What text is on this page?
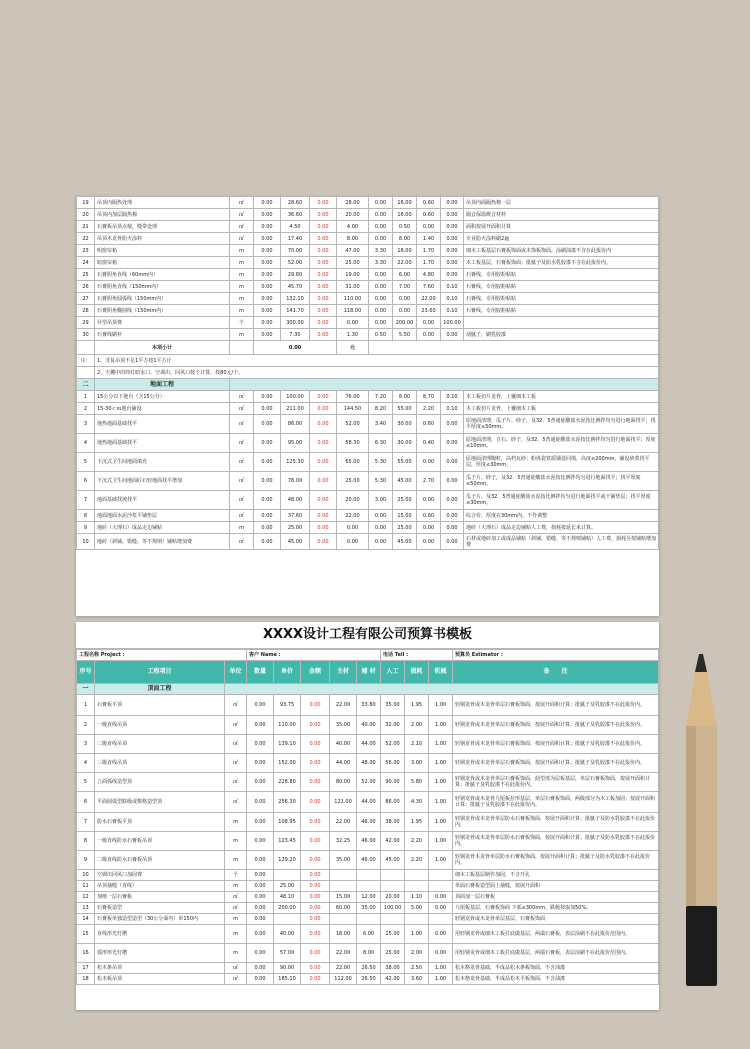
19	吊顶内隔热处理	㎡	0.00	28.60	0.00	28.00	0.00	16.00	0.60	0.00	吊顶内面隔热棉一层
20	吊顶内加层隔热棉	㎡	0.00	36.60	0.00	20.00	0.00	16.00	0.60	0.00	隔音保温吸音材料
21	石膏板吊顶点棱，缝带处理	㎡	0.00	4.50	0.00	4.00	0.00	0.50	0.00	0.00	面积按展开面积计算
22	吊顶木龙骨防火涂料	㎡	0.00	17.40	0.00	8.00	0.00	8.00	1.40	0.00	专业防火涂料刷2遍
23	明窗帘箱	m	0.00	70.00	0.00	47.00	3.30	18.00	1.70	0.00	细木工板基层石膏板饰面或木饰板饰面，涂刷油漆不含在此报价内
24	暗窗帘箱	m	0.00	52.00	0.00	25.00	3.30	22.00	1.70	0.00	木工板基层，石膏板饰面；批腻子及防水乳胶漆不含在此报价内。
25	石膏阴角直线（60mm内）	m	0.00	29.80	0.00	19.00	0.00	6.00	4.80	0.00	石膏线、专用胶粉粘贴
26	石膏阴角直线（150mm内）	m	0.00	45.70	0.00	31.00	0.00	7.00	7.60	0.10	石膏线、专用胶粉粘贴
27	石膏阴角圆弧线（150mm内）	m	0.00	132.10	0.00	110.00	0.00	0.00	22.00	0.10	石膏线、专用胶粉粘贴
28	石膏阴角椭圆线（150mm内）	m	0.00	141.70	0.00	118.00	0.00	0.00	23.60	0.10	石膏线、专用胶粉粘贴
29	异型吊顶费	个	0.00	300.00	0.00	0.00	0.00	200.00	0.00	100.00	
30	石膏线刷补	m	0.00	7.30	0.00	1.30	0.50	5.50	0.00	0.00	刮腻子，刷乳胶漆
	本项小计		0.00			元					
注：	1、非复吊顶不足1平方按1平方计										
	2、天棚中的筒灯暗室口、空调出、回风口按个计算，按80元/个。										
二	地面工程										
1	15公分以下地台（含15公分）	㎡	0.00	100.00	0.00	76.00	7.20	8.00	8.70	0.10	木工板切片龙骨，上覆细木工板
2	15-30ｃｍ地台铺设	㎡	0.00	211.00	0.00	144.50	8.20	55.00	2.20	0.10	木工板切片龙骨，上覆细木工板
3	地热地面基础找平	㎡	0.00	86.00	0.00	52.00	3.40	30.00	0.60	0.00	原地面清理，瓜子片、砂子，及32．5普通硅酸盐水泥按比例拌均匀进行地面找平；找平厚度≤50mm。
4	地热地面基础找平	㎡	0.00	95.00	0.00	58.30	6.30	30.00	0.40	0.00	原地面清理，豆石、砂子，及32．5普通硅酸盐水泥按比例拌均匀进行地面找平；厚度≤10mm。
5	下沉式卫生间地面填充	㎡	0.00	125.30	0.00	65.00	5.30	55.00	0.00	0.00	原地面清理陶粒，高档瓦砂；粉体瓷铁质铺设回填，高度≤200mm，铺设砂浆找平层，厚度≤30mm。
6	下沉式卫生间地面砼石轻地面找平增加	㎡	0.00	78.00	0.00	25.00	5.30	45.00	2.70	0.00	瓜子片、砂子，及32．5普通硅酸盐水泥按比例拌均匀进行地面找平；找平厚度≤50mm。
7	地面基础找坡找平	㎡	0.00	48.00	0.00	20.00	3.00	25.00	0.00	0.00	瓜子片、及32．5普通硅酸盐水泥按比例拌均匀进行地面找平或干铺垫层；找平厚度≤30mm。
8	地面地面水泥沙浆平铺垫层	㎡	0.00	37.60	0.00	22.00	0.00	15.00	0.60	0.00	综合价，厚度在30mm内，不作调整
9	地砖（大理石）成品走边铺贴	m	0.00	25.00	0.00	0.00	0.00	25.00	0.00	0.00	地砖（大理石）成品走边铺贴人工费，损耗按延长米计算。
10	地砖（斜铺、错缝、等不规则）铺贴增加费	㎡	0.00	45.00	0.00	0.00	0.00	45.00	0.00	0.00	石材或地砖加工或成品铺贴（斜铺、错缝、等不规则铺贴）人工费，损耗另按铺贴增加费
XXXX设计工程有限公司预算书模板
工程名称 Project :			客户 Name :					电话 Tell :			预算员 Estimator :
序号	工程项目	单位	数量	单价	金额	主材	辅 材	人工	损耗	机械	备　　注
一	顶面工程										
1	石膏板平顶	㎡	0.00	93.75	0.00	22.00	33.80	35.00	1.95	1.00	轻钢龙骨或木龙骨单层石膏板饰面，按展开面积计算；批腻子及乳胶漆不在此报价内。
2	一级直线吊顶	㎡	0.00	110.00	0.00	35.00	40.00	32.00	2.00	1.00	轻钢龙骨或木龙骨单层石膏板饰面，按展开面积计算；批腻子及乳胶漆不在此报价内。
3	二级直线吊顶	㎡	0.00	139.10	0.00	40.00	44.00	52.00	2.10	1.00	轻钢龙骨或木龙骨单层石膏板饰面，按展开面积计算；批腻子及乳胶漆不在此报价内。
4	三级直线吊顶	㎡	0.00	152.00	0.00	44.00	48.00	56.00	3.00	1.00	轻钢龙骨或木龙骨单层石膏板饰面，按展开面积计算；批腻子及乳胶漆不在此报价内。
5	立面弧线造型顶	㎡	0.00	228.80	0.00	80.00	52.00	90.00	5.80	1.00	轻钢龙骨或木龙骨单层石膏板饰面，曲型部为层板基层，单层石膏板饰面，按展开面积计算；批腻子及乳胶漆不在此报价内。
6	平面圆弧型跌级或棋格造型顶	㎡	0.00	256.30	0.00	121.00	44.00	86.00	4.30	1.00	轻钢龙骨或木龙骨九厘板拉形基层，单层石膏板饰面，两级部分为木工板加固；按展开面积计算；批腻子及乳胶漆不在此报价内。
7	防水石膏板平顶	m	0.00	108.95	0.00	22.00	46.00	38.00	1.95	1.00	轻钢龙骨或木龙骨单层防水石膏板饰面，按展开面积计算；批腻子及防水乳胶漆不在此报价内。
8	一级直线防水石膏板吊顶	m	0.00	123.45	0.00	32.25	46.00	42.00	2.20	1.00	轻钢龙骨或木龙骨单层防水石膏板饰面，按展开面积计算；批腻子及防水乳胶漆不在此报价内。
9	二级直线防水石膏板吊顶	m	0.00	129.20	0.00	35.00	46.00	45.00	2.20	1.00	轻钢龙骨木龙骨单层防水石膏板饰面，按展开面积计算；批腻子及防水乳胶漆不在此报价内。
10	空调出回风口加固费	个	0.00		0.00						细木工板基层制作加固，不含开孔
11	吊顶抽缝（直线）	m	0.00	25.00	0.00						单面石膏板造型面上抽缝，按展开面积
12	加喷一层石膏板	㎡	0.00	48.10	0.00	15.00	12.00	20.00	1.10	0.00	顶面加一层石膏板
13	石膏板造型	㎡	0.00	200.00	0.00	60.00	35.00	100.00	5.00	0.00	九厘板基层，石膏板饰面 下弧≤300mm，跌级按取加50%。
14	石膏板单独造型造型（30公分面内）单150内	m	0.00		0.00						轻钢龙骨或木龙骨单层基层，石膏板饰面
15	直线形光灯槽	m	0.00	40.00	0.00	18.00	6.00	15.00	1.00	0.00	用轻钢龙骨或细木工板打底做基层，两端石膏板，表层涂刷不在此报价范围内。
16	弧形形光灯槽	m	0.00	57.00	0.00	22.00	8.00	25.00	2.00	0.00	用轻钢龙骨或细木工板打底做基层，两端石膏板，表层涂刷不在此报价范围内。
17	松木条吊顶	㎡	0.00	90.00	0.00	22.00	26.50	38.00	2.50	1.00	松木格龙骨基础，半成品松木条板饰面，不含油漆
18	松木板吊顶	㎡	0.00	185.10	0.00	112.00	26.50	42.00	3.60	1.00	松木格龙骨基础，半成品松木平板饰面，不含油漆
